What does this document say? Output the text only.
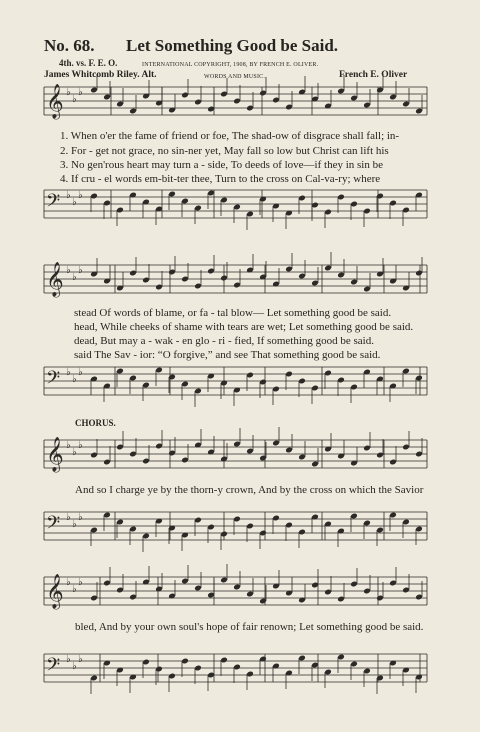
No. 68. Let Something Good be Said.
4th. vs. F. E. O.	INTERNATIONAL COPYRIGHT, 1908, BY FRENCH E. OLIVER.
James Whitcomb Riley. Alt.	WORDS AND MUSIC.	French E. Oliver
𝄞 ♭
♭
♭
𝄢 ♭
♭
♭
𝄞 ♭
♭
♭
𝄢 ♭
♭
♭
𝄞 ♭
♭
♭
𝄢 ♭
♭
♭
𝄞 ♭
♭
♭
𝄢 ♭
♭
♭
1. When o'er the fame of friend or foe, The shad-ow of disgrace shall fall; in-
2. For - get not grace, no sin-ner yet, May fall so low but Christ can lift his
3. No gen'rous heart may turn a - side, To deeds of love—if they in sin be
4. If cru - el words em-bit-ter thee, Turn to the cross on Cal-va-ry; where
stead Of words of blame, or fa - tal blow— Let something good be said.
head, While cheeks of shame with tears are wet; Let something good be said.
dead, But may a - wak - en glo - ri - fied, If something good be said.
said The Sav - ior: “O forgive,” and see That something good be said.
CHORUS.
And so I charge ye by the thorn-y crown, And by the cross on which the Savior
bled, And by your own soul's hope of fair renown; Let something good be said.
